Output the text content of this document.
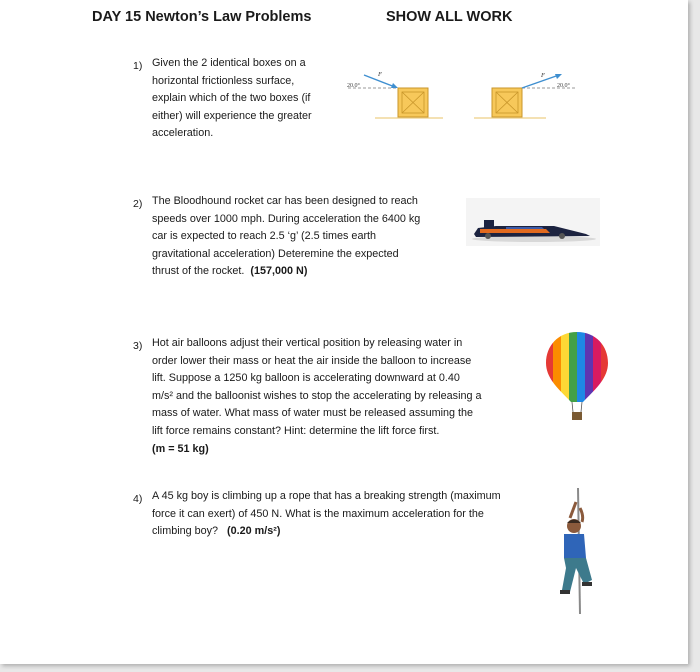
DAY 15 Newton’s Law Problems	SHOW ALL WORK
1) Given the 2 identical boxes on a
horizontal frictionless surface,
explain which of the two boxes (if
either) will experience the greater
acceleration.
F
20.0°
F
20.0°
2) The Bloodhound rocket car has been designed to reach
speeds over 1000 mph. During acceleration the 6400 kg
car is expected to reach 2.5 ‘g’ (2.5 times earth
gravitational acceleration) Deteremine the expected
thrust of the rocket. (157,000 N)
3) Hot air balloons adjust their vertical position by releasing water in
order lower their mass or heat the air inside the balloon to increase
lift. Suppose a 1250 kg balloon is accelerating downward at 0.40
m/s² and the balloonist wishes to stop the accelerating by releasing a
mass of water. What mass of water must be released assuming the
lift force remains constant? Hint: determine the lift force first.
(m = 51 kg)
4) A 45 kg boy is climbing up a rope that has a breaking strength (maximum
force it can exert) of 450 N. What is the maximum acceleration for the
climbing boy? (0.20 m/s²)
